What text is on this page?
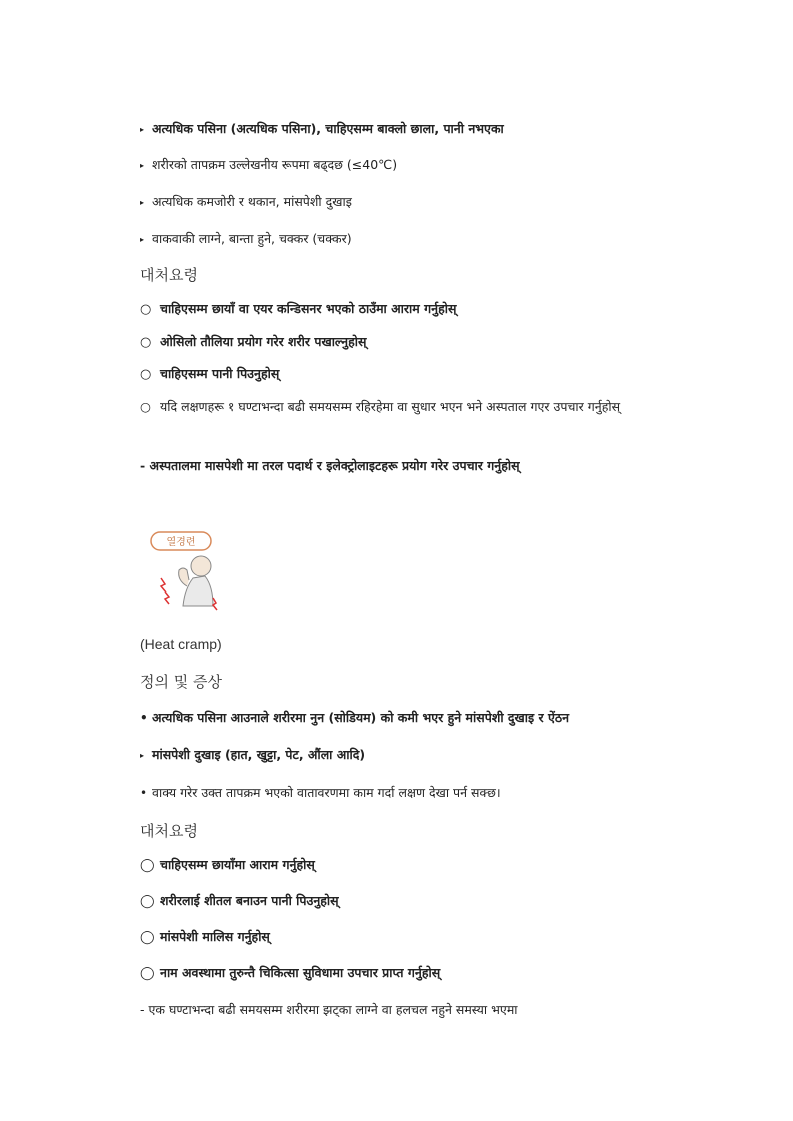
▸ अत्यधिक पसिना (अत्यधिक पसिना), चाहिएसम्म बाक्लो छाला, पानी नभएका
▸ शरीरको तापक्रम उल्लेखनीय रूपमा बढ्दछ (≤40℃)
▸ अत्यधिक कमजोरी र थकान, मांसपेशी दुखाइ
▸ वाकवाकी लाग्ने, बान्ता हुने, चक्कर (चक्कर)
대처요령
○ चाहिएसम्म छायाँ वा एयर कन्डिसनर भएको ठाउँमा आराम गर्नुहोस्
○ ओसिलो तौलिया प्रयोग गरेर शरीर पखाल्नुहोस्
○ चाहिएसम्म पानी पिउनुहोस्
○ यदि लक्षणहरू १ घण्टाभन्दा बढी समयसम्म रहिरहेमा वा सुधार भएन भने अस्पताल गएर उपचार गर्नुहोस्
- अस्पतालमा मासपेशी मा तरल पदार्थ र इलेक्ट्रोलाइटहरू प्रयोग गरेर उपचार गर्नुहोस्
열경련
(Heat cramp)
정의 및 증상
• अत्यधिक पसिना आउनाले शरीरमा नुन (सोडियम) को कमी भएर हुने मांसपेशी दुखाइ र ऐंठन
▸ मांसपेशी दुखाइ (हात, खुट्टा, पेट, औंला आदि)
• वाक्य गरेर उक्त तापक्रम भएको वातावरणमा काम गर्दा लक्षण देखा पर्न सक्छ।
대처요령
◯ चाहिएसम्म छायाँमा आराम गर्नुहोस्
◯ शरीरलाई शीतल बनाउन पानी पिउनुहोस्
◯ मांसपेशी मालिस गर्नुहोस्
◯ नाम अवस्थामा तुरुन्तै चिकित्सा सुविधामा उपचार प्राप्त गर्नुहोस्
- एक घण्टाभन्दा बढी समयसम्म शरीरमा झट्का लाग्ने वा हलचल नहुने समस्या भएमा
